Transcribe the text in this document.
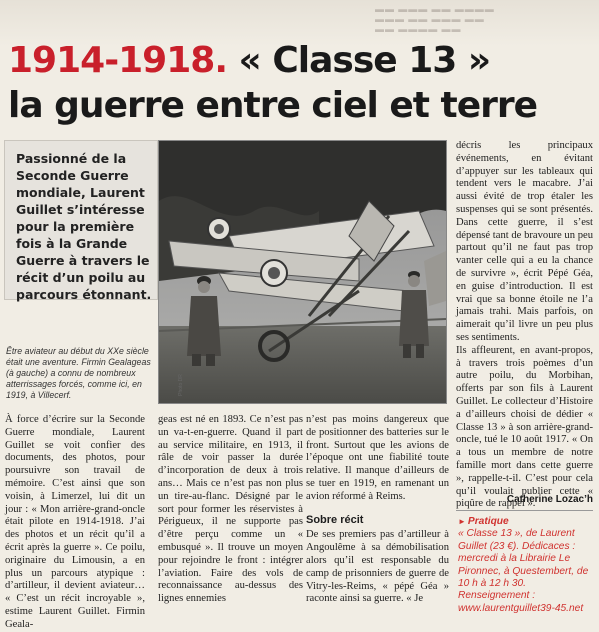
▬▬ ▬▬▬ ▬▬ ▬▬▬▬
▬▬▬ ▬▬ ▬▬▬ ▬▬
▬▬ ▬▬▬▬ ▬▬
1914-1918. « Classe 13 »
la guerre entre ciel et terre
Passionné de la Seconde Guerre mondiale, Laurent Guillet s’intéresse pour la première fois à la Grande Guerre à travers le récit d’un poilu au parcours étonnant.
Être aviateur au début du XXe siècle était une aventure. Firmin Gealageas (à gauche) a connu de nombreux atterrissages forcés, comme ici, en 1919, à Villecerf.	Photo DR

décris les principaux événements, en évitant d’appuyer sur les tableaux qui tendent vers le macabre. J’ai aussi évité de trop étaler les suspenses qui se sont présentés. Dans cette guerre, il s’est dépensé tant de bravoure un peu partout qu’il ne faut pas trop vanter celle qui a eu la chance de survivre », écrit Pépé Géa, en guise d’introduction. Il est vrai que sa bonne étoile ne l’a jamais trahi. Mais parfois, on aimerait qu’il livre un peu plus ses sentiments.

Ils affleurent, en avant-propos, à travers trois poèmes d’un autre poilu, du Morbihan, offerts par son fils à Laurent Guillet. Le collecteur d’Histoire a d’ailleurs choisi de dédier « Classe 13 » à son arrière-grand-oncle, tué le 10 août 1917. « On a tous un membre de notre famille mort dans cette guerre », rappelle-t-il. C’est pour cela qu’il voulait publier cette « piqûre de rappel ».

Catherine Lozac’h

À force d’écrire sur la Seconde Guerre mondiale, Laurent Guillet se voit confier des documents, des photos, pour poursuivre son travail de mémoire. C’est ainsi que son voisin, à Limerzel, lui dit un jour : « Mon arrière-grand-oncle était pilote en 1914-1918. J’ai des photos et un récit qu’il a écrit après la guerre ». Ce poilu, originaire du Limousin, a en plus un parcours atypique : d’artilleur, il devient aviateur… « C’est un récit incroyable », estime Laurent Guillet. Firmin Geala-

geas est né en 1893. Ce n’est pas un va-t-en-guerre. Quand il part au service militaire, en 1913, il râle de voir passer la durée d’incorporation de deux à trois ans… Mais ce n’est pas non plus un tire-au-flanc. Désigné par le sort pour former les réservistes à Périgueux, il ne supporte pas d’être perçu comme un « embusqué ». Il trouve un moyen pour rejoindre le front : intégrer l’aviation. Faire des vols de reconnaissance au-dessus des lignes ennemies

n’est pas moins dangereux que de positionner des batteries sur le front. Surtout que les avions de l’époque ont une fiabilité toute relative. Il manque d’ailleurs de se tuer en 1919, en ramenant un avion réformé à Reims.

Sobre récit

De ses premiers pas d’artilleur à Angoulême à sa démobilisation alors qu’il est responsable du camp de prisonniers de guerre de Vitry-les-Reims, « pépé Géa » raconte ainsi sa guerre. « Je

► Pratique
« Classe 13 », de Laurent Guillet (23 €). Dédicaces : mercredi à la Librairie Le Pironnec, à Questembert, de 10 h à 12 h 30. Renseignement : www.laurentguillet39-45.net
